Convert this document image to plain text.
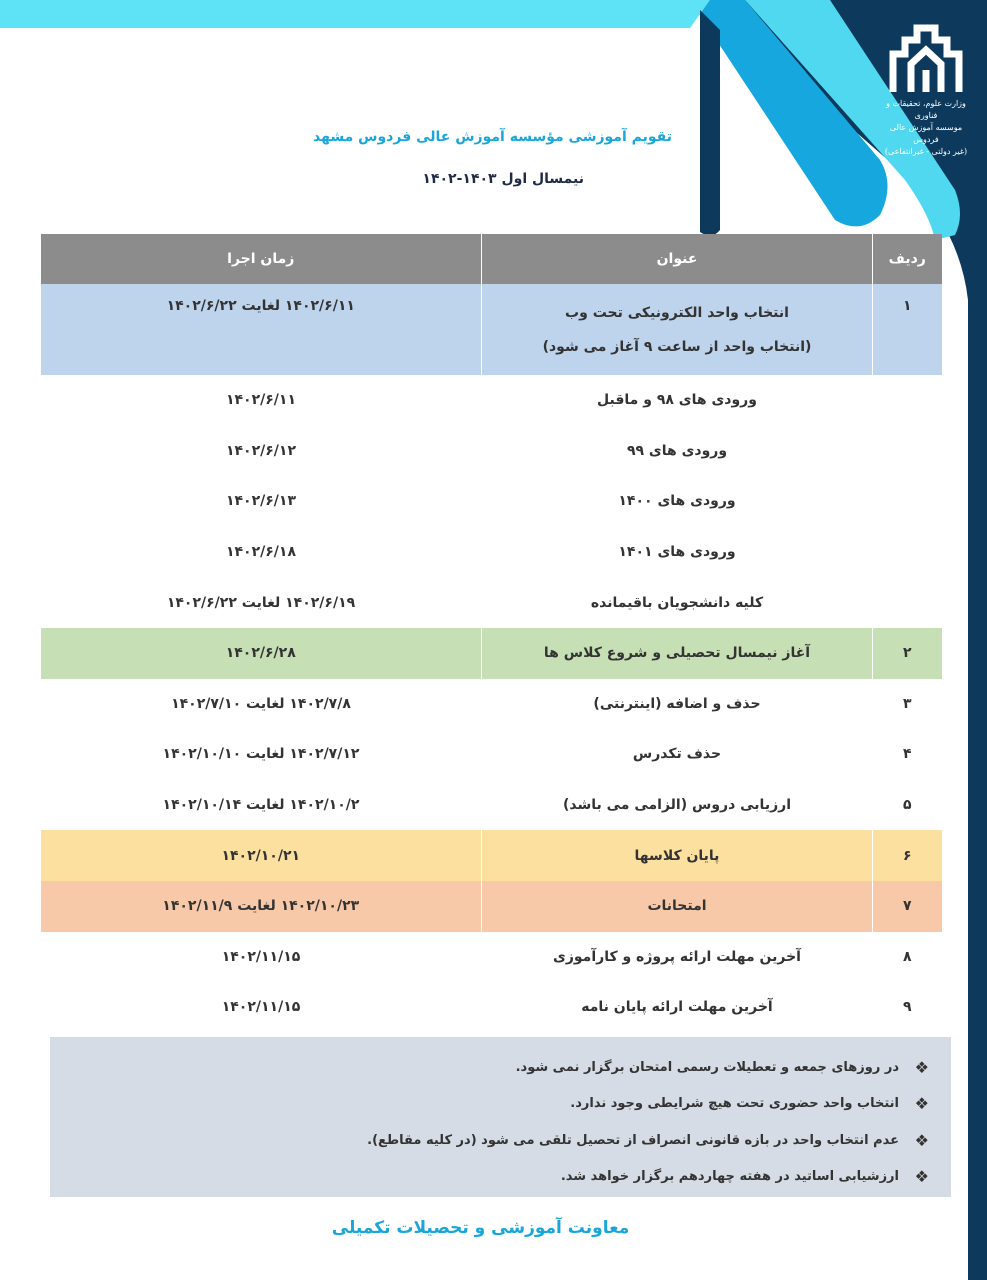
وزارت علوم، تحقیقات و فناوری
موسسه آموزش عالی فردوس
(غیر دولتی - غیرانتفاعی)
تقویم آموزشی مؤسسه آموزش عالی فردوس مشهد
نیمسال اول ۱۴۰۳-۱۴۰۲
ردیف	عنوان	زمان اجرا
۱	انتخاب واحد الکترونیکی تحت وب
(انتخاب واحد از ساعت ۹ آغاز می شود)	۱۴۰۲/۶/۱۱ لغایت ۱۴۰۲/۶/۲۲
	ورودی های ۹۸ و ماقبل	۱۴۰۲/۶/۱۱
	ورودی های ۹۹	۱۴۰۲/۶/۱۲
	ورودی های ۱۴۰۰	۱۴۰۲/۶/۱۳
	ورودی های ۱۴۰۱	۱۴۰۲/۶/۱۸
	کلیه دانشجویان باقیمانده	۱۴۰۲/۶/۱۹ لغایت ۱۴۰۲/۶/۲۲
۲	آغاز نیمسال تحصیلی و شروع کلاس ها	۱۴۰۲/۶/۲۸
۳	حذف و اضافه (اینترنتی)	۱۴۰۲/۷/۸ لغایت ۱۴۰۲/۷/۱۰
۴	حذف تکدرس	۱۴۰۲/۷/۱۲ لغایت ۱۴۰۲/۱۰/۱۰
۵	ارزیابی دروس (الزامی می باشد)	۱۴۰۲/۱۰/۲ لغایت ۱۴۰۲/۱۰/۱۴
۶	پایان کلاسها	۱۴۰۲/۱۰/۲۱
۷	امتحانات	۱۴۰۲/۱۰/۲۳ لغایت ۱۴۰۲/۱۱/۹
۸	آخرین مهلت ارائه پروژه و کارآموزی	۱۴۰۲/۱۱/۱۵
۹	آخرین مهلت ارائه پایان نامه	۱۴۰۲/۱۱/۱۵
❖
در روزهای جمعه و تعطیلات رسمی امتحان برگزار نمی شود.
❖
انتخاب واحد حضوری تحت هیچ شرایطی وجود ندارد.
❖
عدم انتخاب واحد در بازه قانونی انصراف از تحصیل تلقی می شود (در کلیه مقاطع).
❖
ارزشیابی اساتید در هفته چهاردهم برگزار خواهد شد.
معاونت آموزشی و تحصیلات تکمیلی
